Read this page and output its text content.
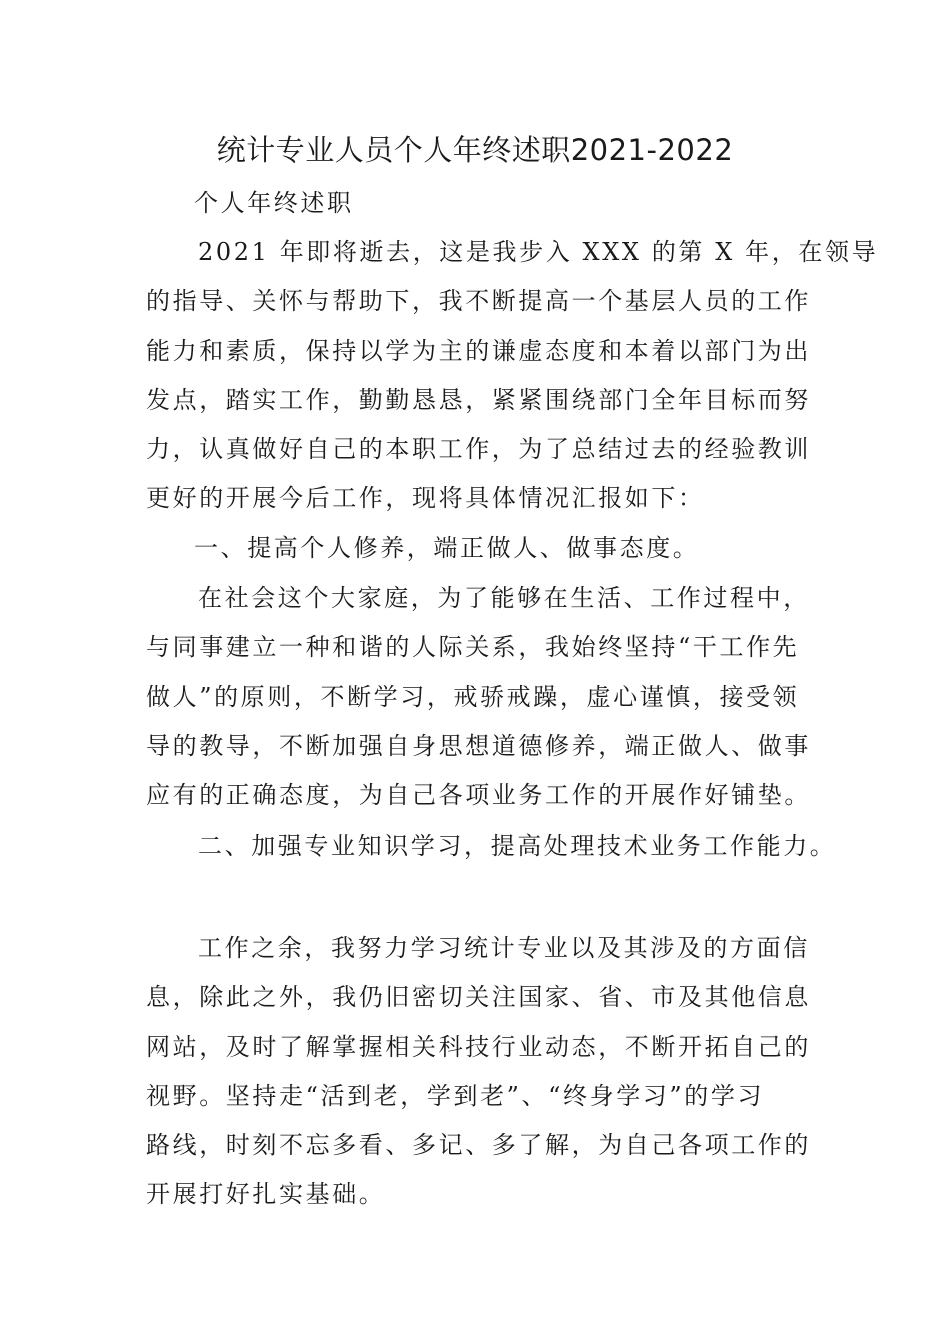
统计专业人员个人年终述职2021-2022
个人年终述职
2021 年即将逝去，这是我步入 XXX 的第 X 年，在领导
的指导、关怀与帮助下，我不断提高一个基层人员的工作
能力和素质，保持以学为主的谦虚态度和本着以部门为出
发点，踏实工作，勤勤恳恳，紧紧围绕部门全年目标而努
力，认真做好自己的本职工作，为了总结过去的经验教训
更好的开展今后工作，现将具体情况汇报如下：
一、提高个人修养，端正做人、做事态度。
在社会这个大家庭，为了能够在生活、工作过程中，
与同事建立一种和谐的人际关系，我始终坚持“干工作先
做人”的原则，不断学习，戒骄戒躁，虚心谨慎，接受领
导的教导，不断加强自身思想道德修养，端正做人、做事
应有的正确态度，为自己各项业务工作的开展作好铺垫。
二、加强专业知识学习，提高处理技术业务工作能力。
工作之余，我努力学习统计专业以及其涉及的方面信
息，除此之外，我仍旧密切关注国家、省、市及其他信息
网站，及时了解掌握相关科技行业动态，不断开拓自己的
视野。坚持走“活到老，学到老”、“终身学习”的学习
路线，时刻不忘多看、多记、多了解，为自己各项工作的
开展打好扎实基础。
